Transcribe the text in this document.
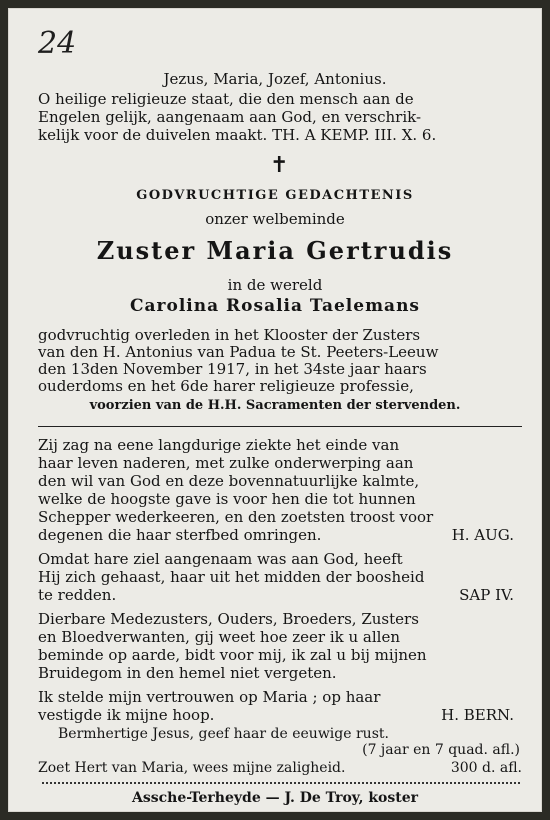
24
Jezus, Maria, Jozef, Antonius.
O heilige religieuze staat, die den mensch aan de
Engelen gelijk, aangenaam aan God, en verschrik-
kelijk voor de duivelen maakt. TH. A KEMP. III. X. 6.
✝
GODVRUCHTIGE GEDACHTENIS
onzer welbeminde
Zuster Maria Gertrudis
in de wereld
Carolina Rosalia Taelemans
godvruchtig overleden in het Klooster der Zusters
van den H. Antonius van Padua te St. Peeters-Leeuw
den 13den November 1917, in het 34ste jaar haars
ouderdoms en het 6de harer religieuze professie,
voorzien van de H.H. Sacramenten der stervenden.
Zij zag na eene langdurige ziekte het einde van
haar leven naderen, met zulke onderwerping aan
den wil van God en deze bovennatuurlijke kalmte,
welke de hoogste gave is voor hen die tot hunnen
Schepper wederkeeren, en den zoetsten troost voor
degenen die haar sterfbed omringen.	H. AUG.
Omdat hare ziel aangenaam was aan God, heeft
Hij zich gehaast, haar uit het midden der boosheid
te redden.	SAP IV.
Dierbare Medezusters, Ouders, Broeders, Zusters
en Bloedverwanten, gij weet hoe zeer ik u allen
beminde op aarde, bidt voor mij, ik zal u bij mijnen
Bruidegom in den hemel niet vergeten.
Ik stelde mijn vertrouwen op Maria ; op haar
vestigde ik mijne hoop.	H. BERN.
Bermhertige Jesus, geef haar de eeuwige rust.
(7 jaar en 7 quad. afl.)
Zoet Hert van Maria, wees mijne zaligheid.	300 d. afl.
Assche-Terheyde — J. De Troy, koster
